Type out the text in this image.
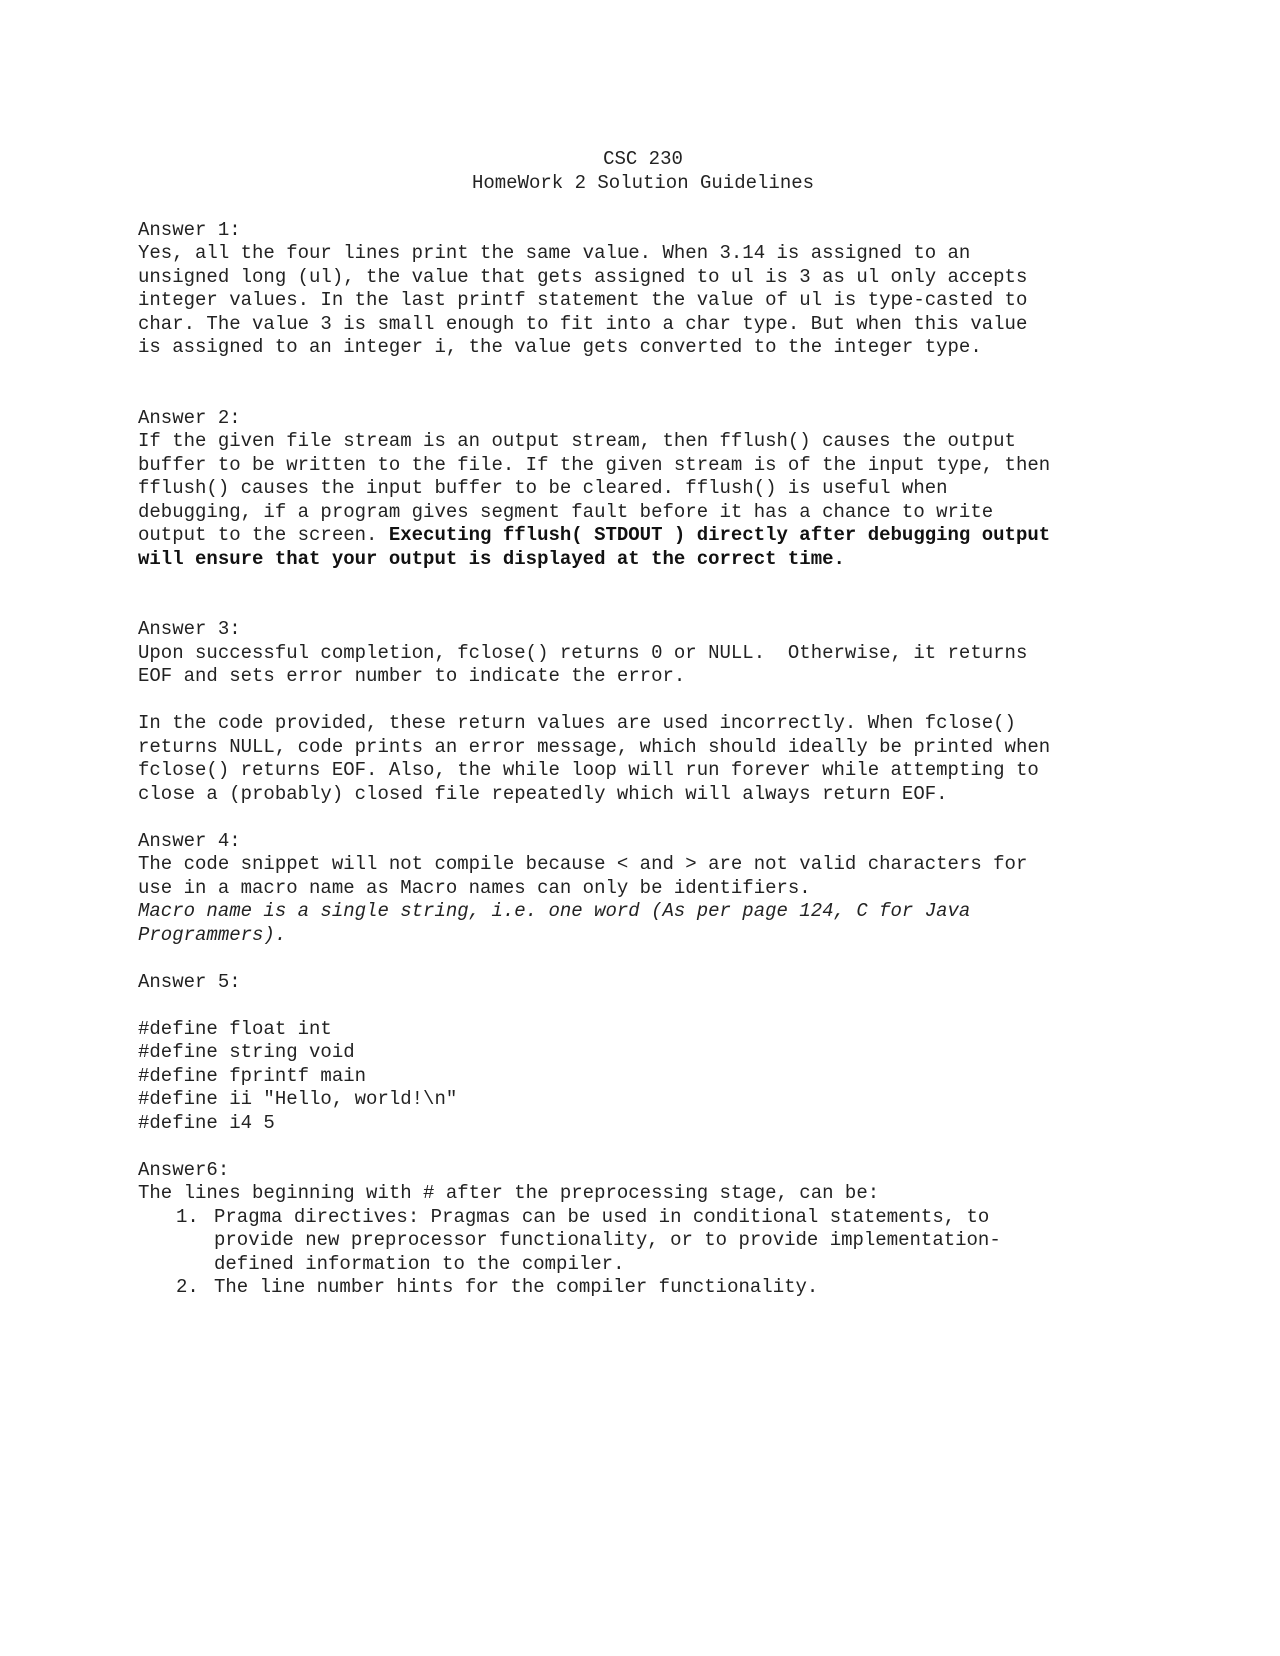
CSC 230
HomeWork 2 Solution Guidelines
Answer 1:
Yes, all the four lines print the same value. When 3.14 is assigned to an
unsigned long (ul), the value that gets assigned to ul is 3 as ul only accepts
integer values. In the last printf statement the value of ul is type-casted to
char. The value 3 is small enough to fit into a char type. But when this value
is assigned to an integer i, the value gets converted to the integer type.
Answer 2:
If the given file stream is an output stream, then fflush() causes the output
buffer to be written to the file. If the given stream is of the input type, then
fflush() causes the input buffer to be cleared. fflush() is useful when
debugging, if a program gives segment fault before it has a chance to write
output to the screen. Executing fflush( STDOUT ) directly after debugging output
will ensure that your output is displayed at the correct time.
Answer 3:
Upon successful completion, fclose() returns 0 or NULL.  Otherwise, it returns
EOF and sets error number to indicate the error.
In the code provided, these return values are used incorrectly. When fclose()
returns NULL, code prints an error message, which should ideally be printed when
fclose() returns EOF. Also, the while loop will run forever while attempting to
close a (probably) closed file repeatedly which will always return EOF.
Answer 4:
The code snippet will not compile because < and > are not valid characters for
use in a macro name as Macro names can only be identifiers.
Macro name is a single string, i.e. one word (As per page 124, C for Java
Programmers).
Answer 5:
#define float int
#define string void
#define fprintf main
#define ii "Hello, world!\n"
#define i4 5
Answer6:
The lines beginning with # after the preprocessing stage, can be:
1. Pragma directives: Pragmas can be used in conditional statements, to
provide new preprocessor functionality, or to provide implementation-
defined information to the compiler.
2. The line number hints for the compiler functionality.
